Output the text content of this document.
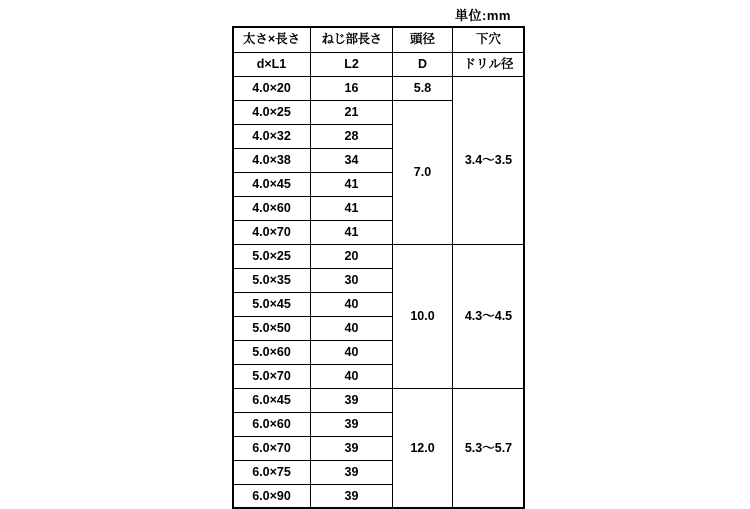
単位:mm
太さ×長さ	ねじ部長さ	頭径	下穴
d×L1	L2	D	ドリル径
4.0×20	16	5.8	3.4〜3.5
4.0×25	21	7.0	
4.0×32	28		
4.0×38	34		
4.0×45	41		
4.0×60	41		
4.0×70	41		
5.0×25	20	10.0	4.3〜4.5
5.0×35	30		
5.0×45	40		
5.0×50	40		
5.0×60	40		
5.0×70	40		
6.0×45	39	12.0	5.3〜5.7
6.0×60	39		
6.0×70	39		
6.0×75	39		
6.0×90	39		
